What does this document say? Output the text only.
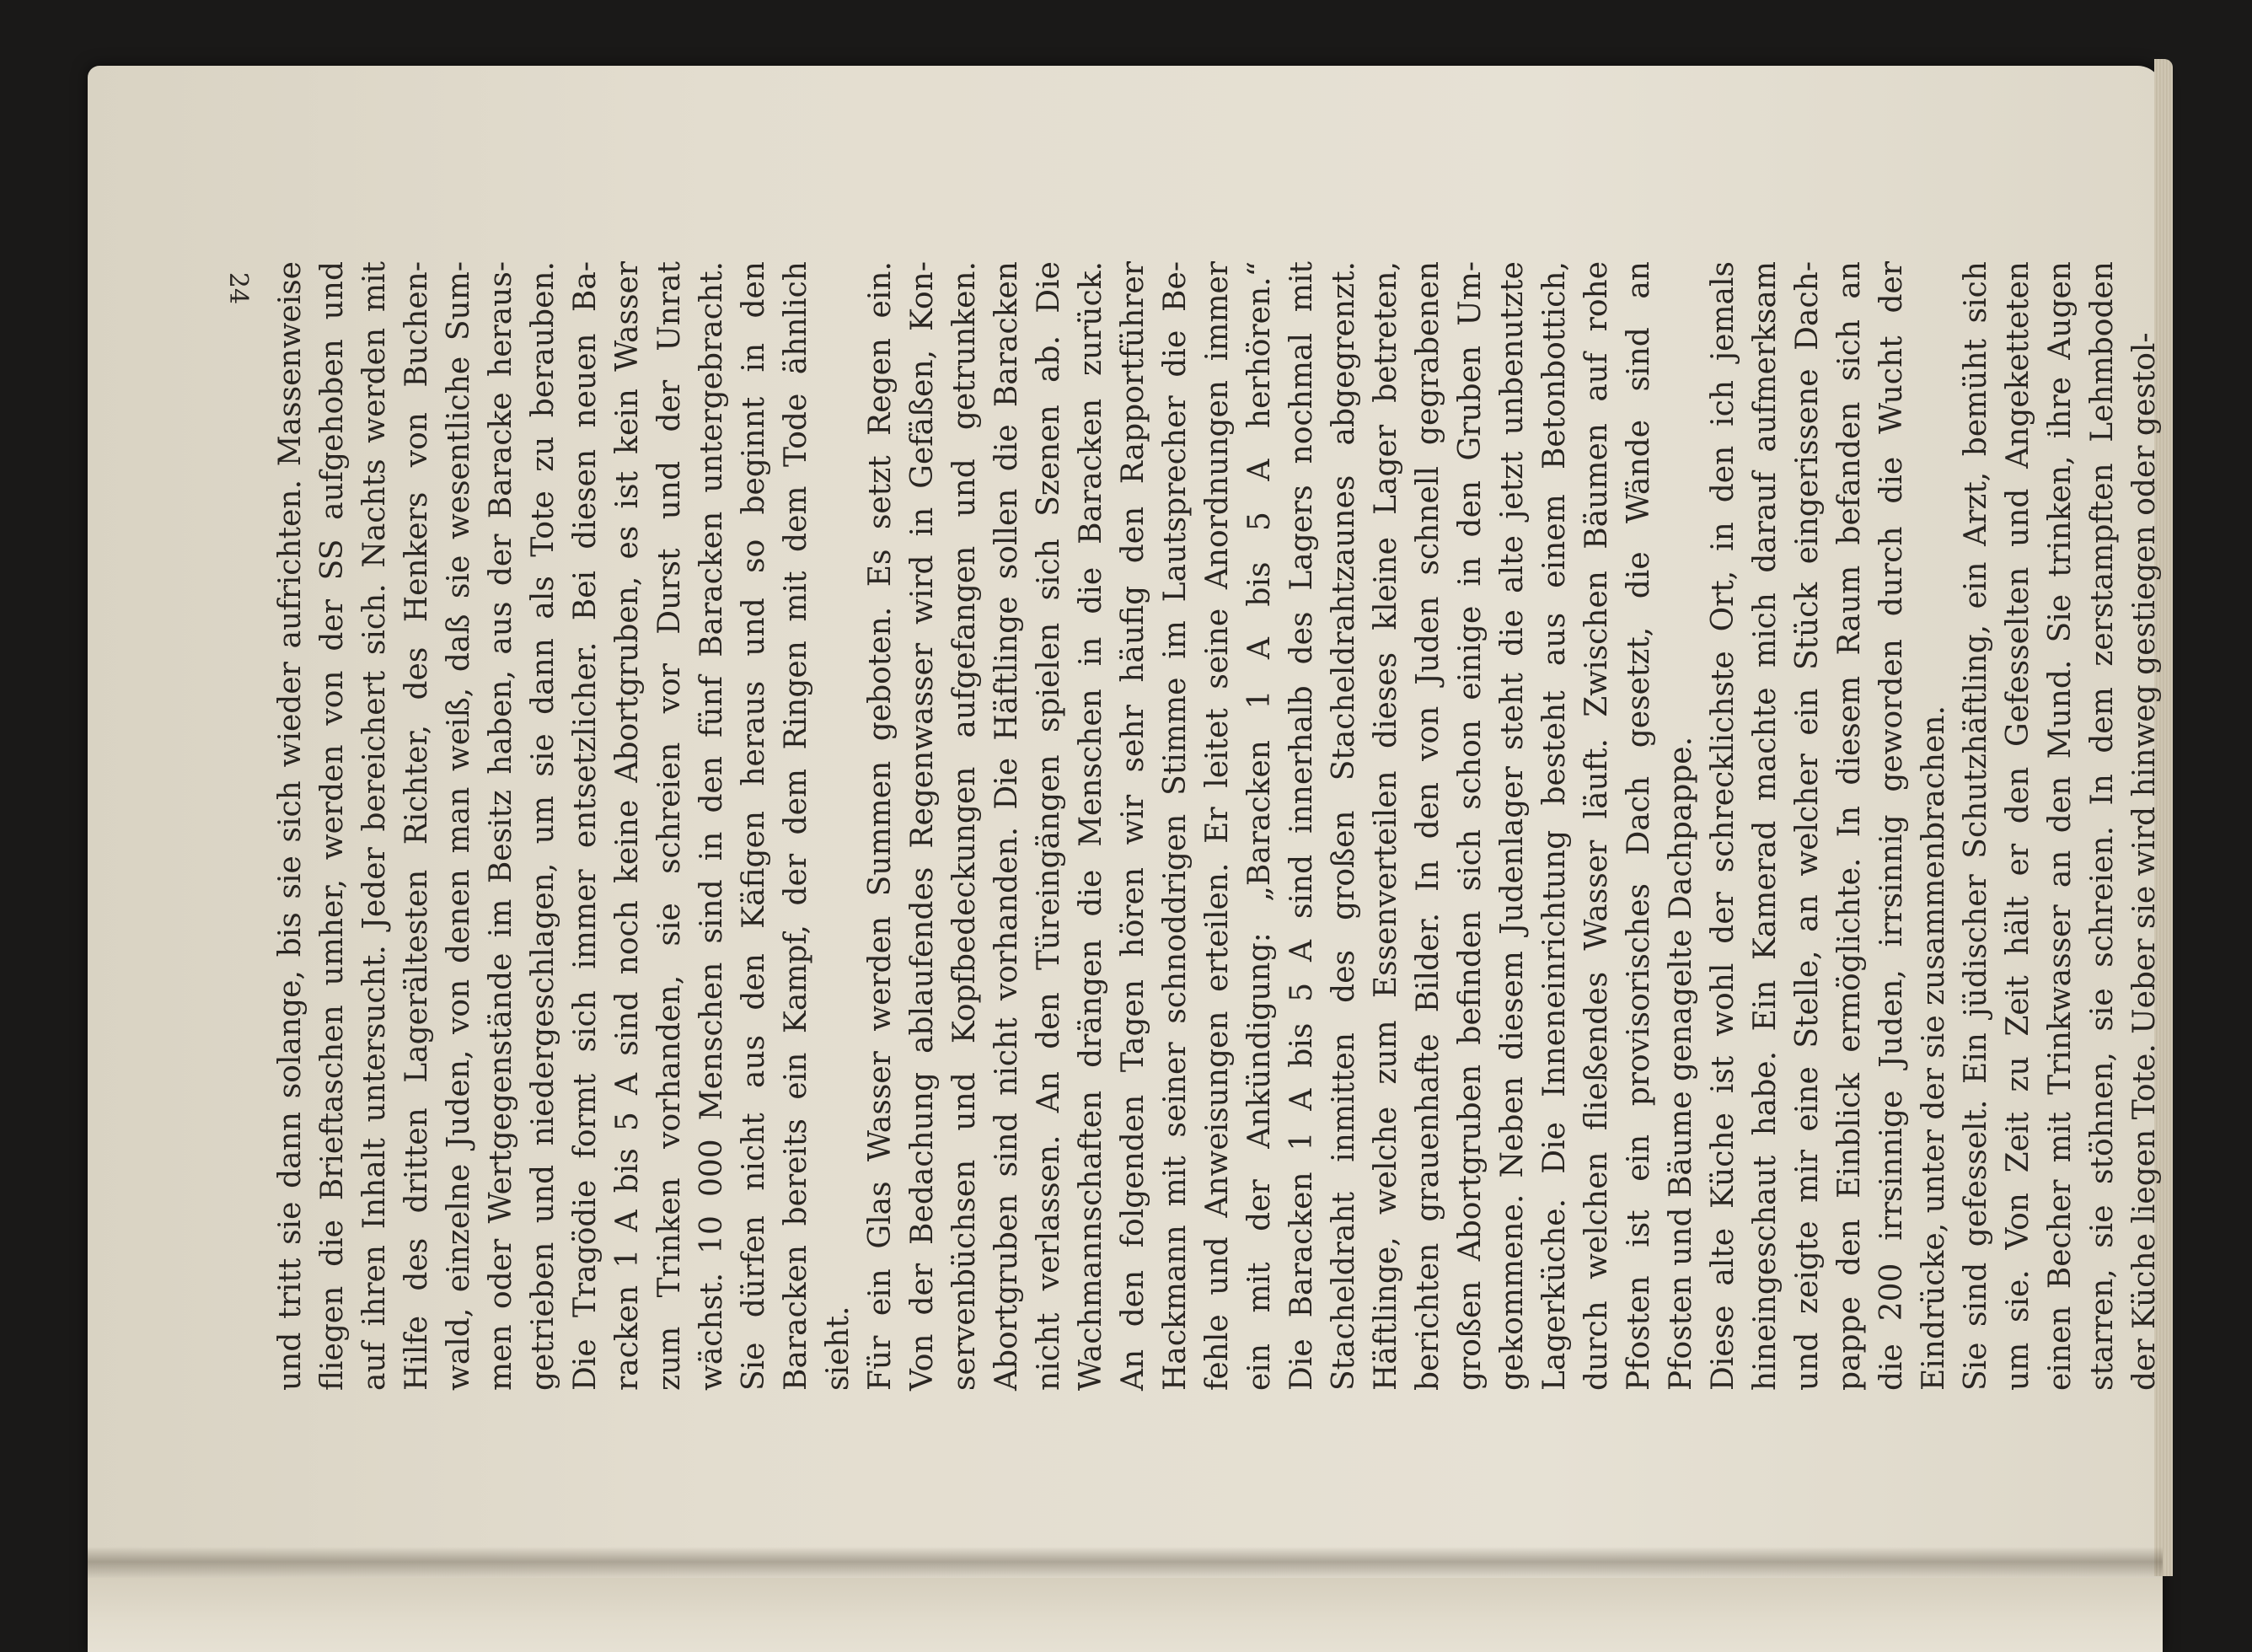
24 und tritt sie dann solange, bis sie sich wieder aufrichten. Massenweise fliegen die Brieftaschen umher, werden von der SS aufgehoben und auf ihren Inhalt untersucht. Jeder bereichert sich. Nachts werden mit Hilfe des dritten Lagerältesten Richter, des Henkers von Buchen- wald, einzelne Juden, von denen man weiß, daß sie wesentliche Sum- men oder Wertgegenstände im Besitz haben, aus der Baracke heraus- getrieben und niedergeschlagen, um sie dann als Tote zu berauben. Die Tragödie formt sich immer entsetzlicher. Bei diesen neuen Ba- racken 1 A bis 5 A sind noch keine Abortgruben, es ist kein Wasser zum Trinken vorhanden, sie schreien vor Durst und der Unrat wächst. 10 000 Menschen sind in den fünf Baracken untergebracht. Sie dürfen nicht aus den Käfigen heraus und so beginnt in den Baracken bereits ein Kampf, der dem Ringen mit dem Tode ähnlich sieht. Für ein Glas Wasser werden Summen geboten. Es setzt Regen ein. Von der Bedachung ablaufendes Regenwasser wird in Gefäßen, Kon- servenbüchsen und Kopfbedeckungen aufgefangen und getrunken. Abortgruben sind nicht vorhanden. Die Häftlinge sollen die Baracken nicht verlassen. An den Türeingängen spielen sich Szenen ab. Die Wachmannschaften drängen die Menschen in die Baracken zurück. An den folgenden Tagen hören wir sehr häufig den Rapportführer Hackmann mit seiner schnoddrigen Stimme im Lautsprecher die Be- fehle und Anweisungen erteilen. Er leitet seine Anordnungen immer ein mit der Ankündigung: „Baracken 1 A bis 5 A herhören.“ Die Baracken 1 A bis 5 A sind innerhalb des Lagers nochmal mit Stacheldraht inmitten des großen Stacheldrahtzaunes abgegrenzt. Häftlinge, welche zum Essenverteilen dieses kleine Lager betreten, berichten grauenhafte Bilder. In den von Juden schnell gegrabenen großen Abortgruben befinden sich schon einige in den Gruben Um- gekommene. Neben diesem Judenlager steht die alte jetzt unbenutzte Lagerküche. Die Inneneinrichtung besteht aus einem Betonbottich, durch welchen fließendes Wasser läuft. Zwischen Bäumen auf rohe Pfosten ist ein provisorisches Dach gesetzt, die Wände sind an Pfosten und Bäume genagelte Dachpappe. Diese alte Küche ist wohl der schrecklichste Ort, in den ich jemals hineingeschaut habe. Ein Kamerad machte mich darauf aufmerksam und zeigte mir eine Stelle, an welcher ein Stück eingerissene Dach- pappe den Einblick ermöglichte. In diesem Raum befanden sich an die 200 irrsinnige Juden, irrsinnig geworden durch die Wucht der Eindrücke, unter der sie zusammenbrachen. Sie sind gefesselt. Ein jüdischer Schutzhäftling, ein Arzt, bemüht sich um sie. Von Zeit zu Zeit hält er den Gefesselten und Angeketteten einen Becher mit Trinkwasser an den Mund. Sie trinken, ihre Augen starren, sie stöhnen, sie schreien. In dem zerstampften Lehmboden der Küche liegen Tote. Ueber sie wird hinweg gestiegen oder gestol-
